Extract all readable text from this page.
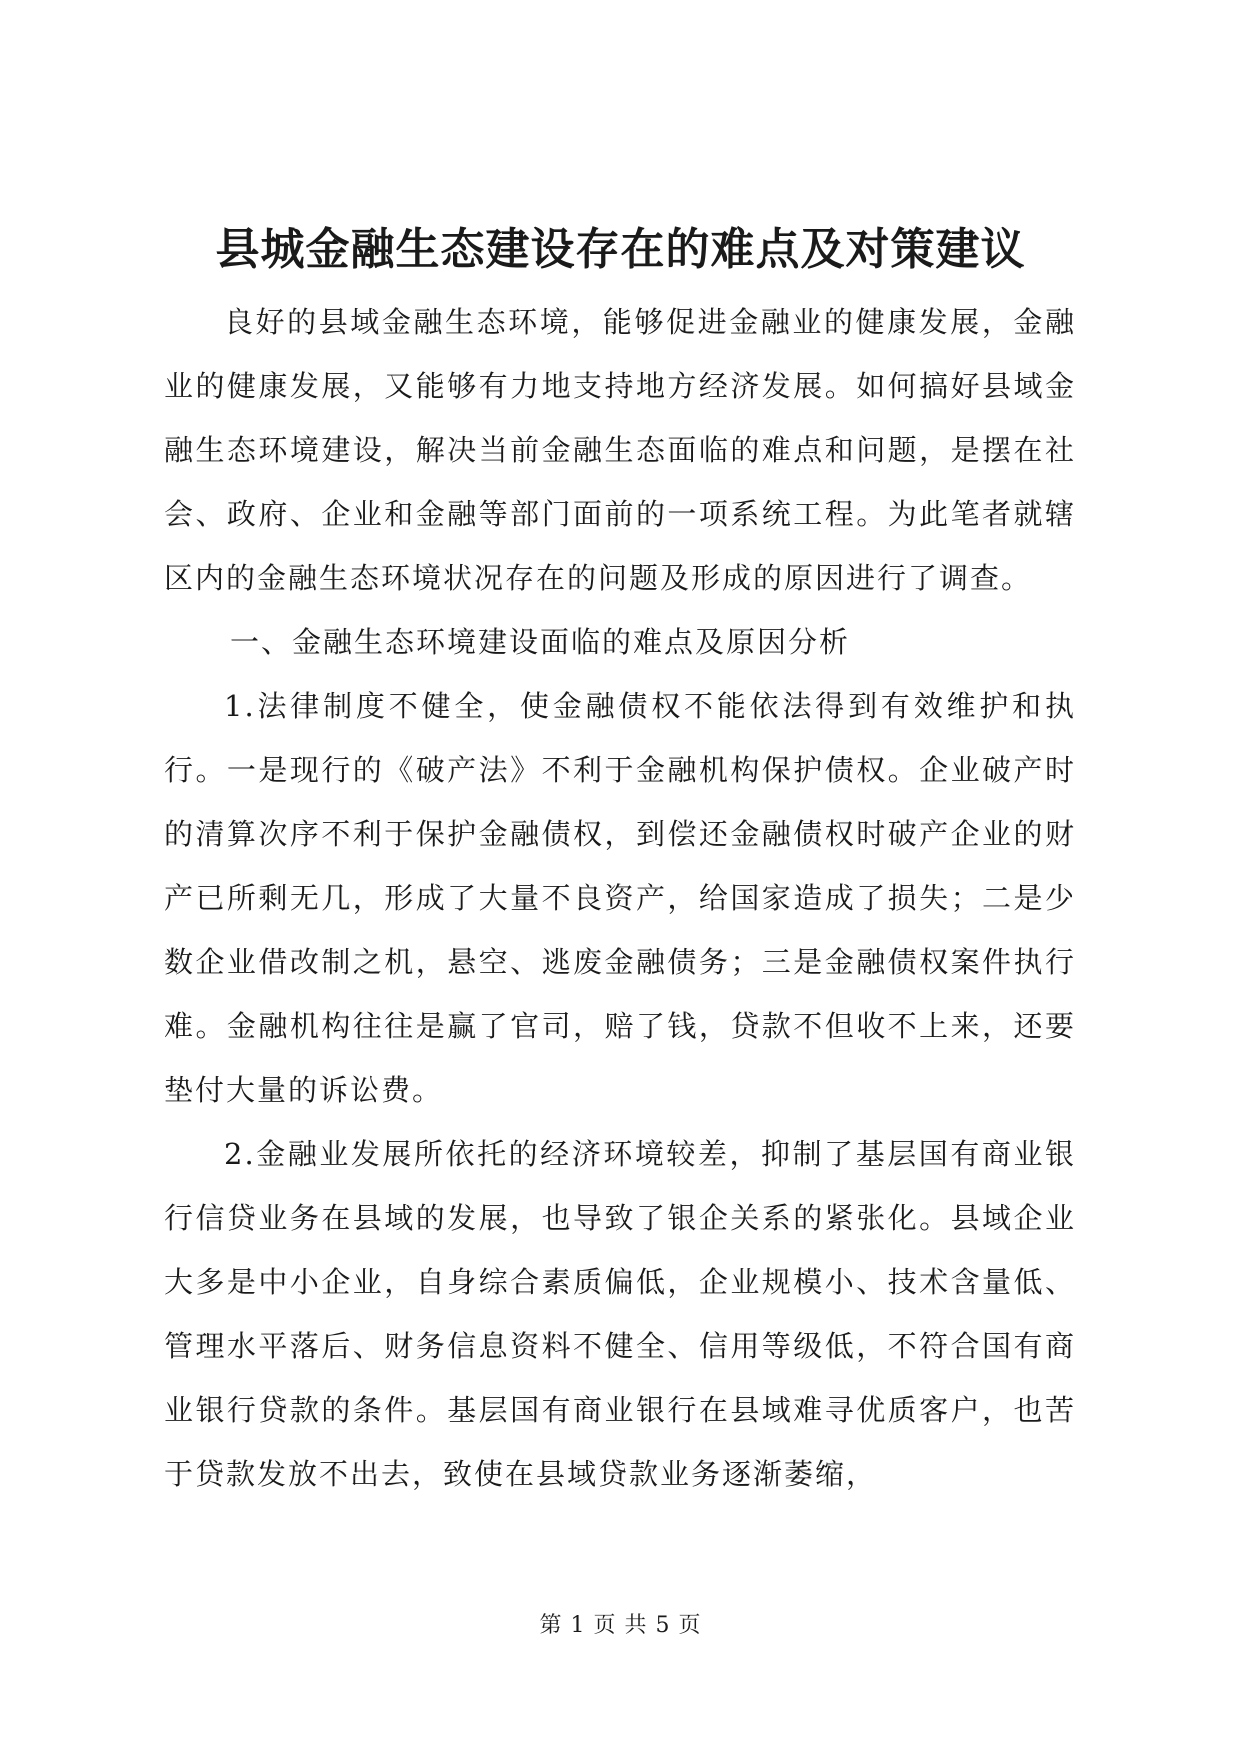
县城金融生态建设存在的难点及对策建议

良好的县域金融生态环境，能够促进金融业的健康发展，金融业的健康发展，又能够有力地支持地方经济发展。如何搞好县域金融生态环境建设，解决当前金融生态面临的难点和问题，是摆在社会、政府、企业和金融等部门面前的一项系统工程。为此笔者就辖区内的金融生态环境状况存在的问题及形成的原因进行了调查。

一、金融生态环境建设面临的难点及原因分析

1.法律制度不健全，使金融债权不能依法得到有效维护和执行。一是现行的《破产法》不利于金融机构保护债权。企业破产时的清算次序不利于保护金融债权，到偿还金融债权时破产企业的财产已所剩无几，形成了大量不良资产，给国家造成了损失；二是少数企业借改制之机，悬空、逃废金融债务；三是金融债权案件执行难。金融机构往往是赢了官司，赔了钱，贷款不但收不上来，还要垫付大量的诉讼费。

2.金融业发展所依托的经济环境较差，抑制了基层国有商业银行信贷业务在县域的发展，也导致了银企关系的紧张化。县域企业大多是中小企业，自身综合素质偏低，企业规模小、技术含量低、管理水平落后、财务信息资料不健全、信用等级低，不符合国有商业银行贷款的条件。基层国有商业银行在县域难寻优质客户，也苦于贷款发放不出去，致使在县域贷款业务逐渐萎缩，

第 1 页 共 5 页
